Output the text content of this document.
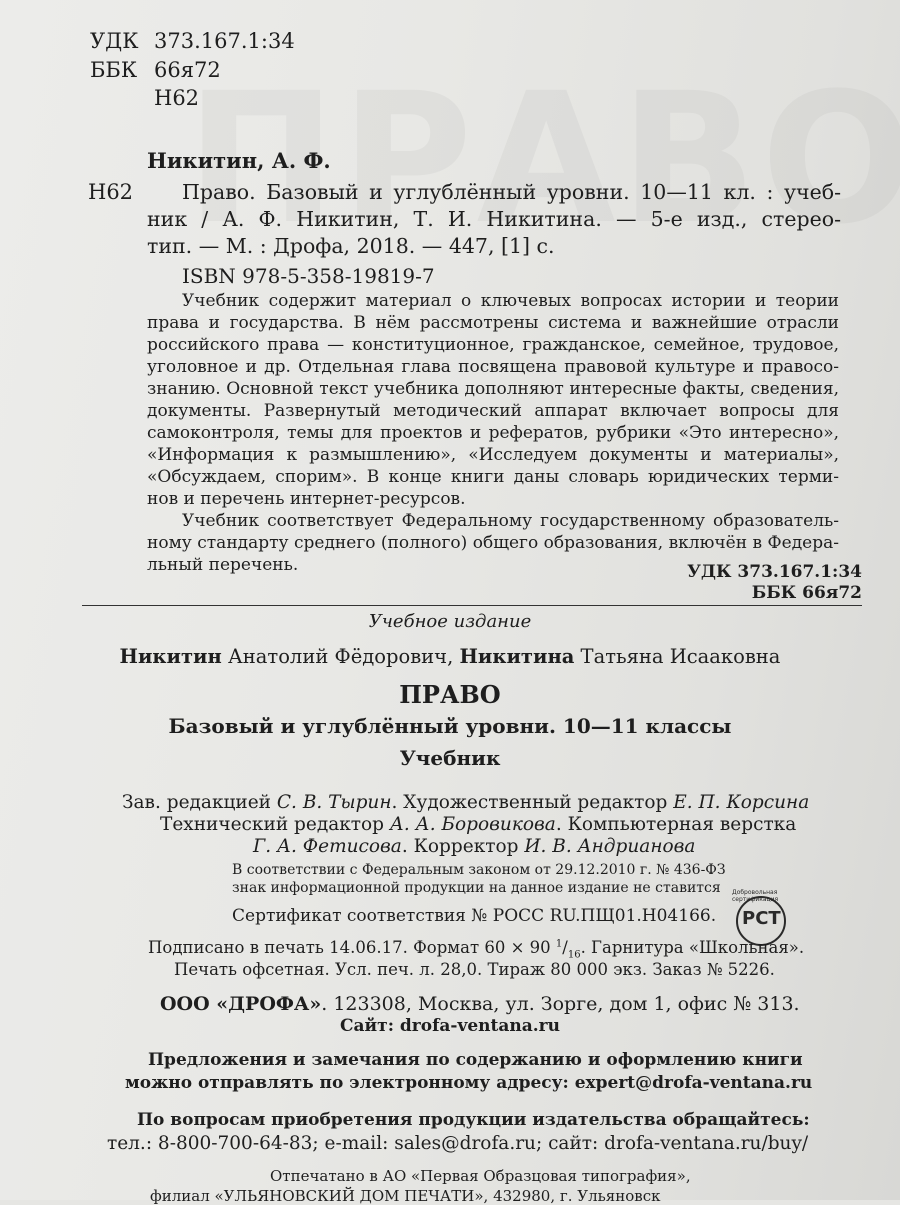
УДК 373.167.1:34
ББК 66я72
Н62
Никитин, А. Ф.
Н62 Право. Базовый и углублённый уровни. 10—11 кл. : учеб-
ник / А. Ф. Никитин, Т. И. Никитина. — 5-е изд., стерео-
тип. — М. : Дрофа, 2018. — 447, [1] с.
ISBN 978-5-358-19819-7
Учебник содержит материал о ключевых вопросах истории и теории
права и государства. В нём рассмотрены система и важнейшие отрасли
российского права — конституционное, гражданское, семейное, трудовое,
уголовное и др. Отдельная глава посвящена правовой культуре и правосо-
знанию. Основной текст учебника дополняют интересные факты, сведения,
документы. Развернутый методический аппарат включает вопросы для
самоконтроля, темы для проектов и рефератов, рубрики «Это интересно»,
«Информация к размышлению», «Исследуем документы и материалы»,
«Обсуждаем, спорим». В конце книги даны словарь юридических терми-
нов и перечень интернет-ресурсов.
Учебник соответствует Федеральному государственному образователь-
ному стандарту среднего (полного) общего образования, включён в Федера-
льный перечень.	УДК 373.167.1:34
ББК 66я72
Учебное издание
Никитин Анатолий Фёдорович, Никитина Татьяна Исааковна
ПРАВО
Базовый и углублённый уровни. 10—11 классы
Учебник
Зав. редакцией С. В. Тырин. Художественный редактор Е. П. Корсина
Технический редактор А. А. Боровикова. Компьютерная верстка
Г. А. Фетисова. Корректор И. В. Андрианова
В соответствии с Федеральным законом от 29.12.2010 г. № 436-ФЗ
знак информационной продукции на данное издание не ставится
Сертификат соответствия № РОСС RU.ПЩ01.Н04166.
Добровольная сертификация
РСТ
Подписано в печать 14.06.17. Формат 60 × 90 $^1/_{16}$. Гарнитура «Школьная».
Печать офсетная. Усл. печ. л. 28,0. Тираж 80 000 экз. Заказ № 5226.
ООО «ДРОФА». 123308, Москва, ул. Зорге, дом 1, офис № 313.
Сайт: drofa-ventana.ru
Предложения и замечания по содержанию и оформлению книги
можно отправлять по электронному адресу: expert@drofa-ventana.ru
По вопросам приобретения продукции издательства обращайтесь:
тел.: 8-800-700-64-83; e-mail: sales@drofa.ru; сайт: drofa-ventana.ru/buy/
Отпечатано в АО «Первая Образцовая типография»,
филиал «УЛЬЯНОВСКИЙ ДОМ ПЕЧАТИ», 432980, г. Ульяновск
